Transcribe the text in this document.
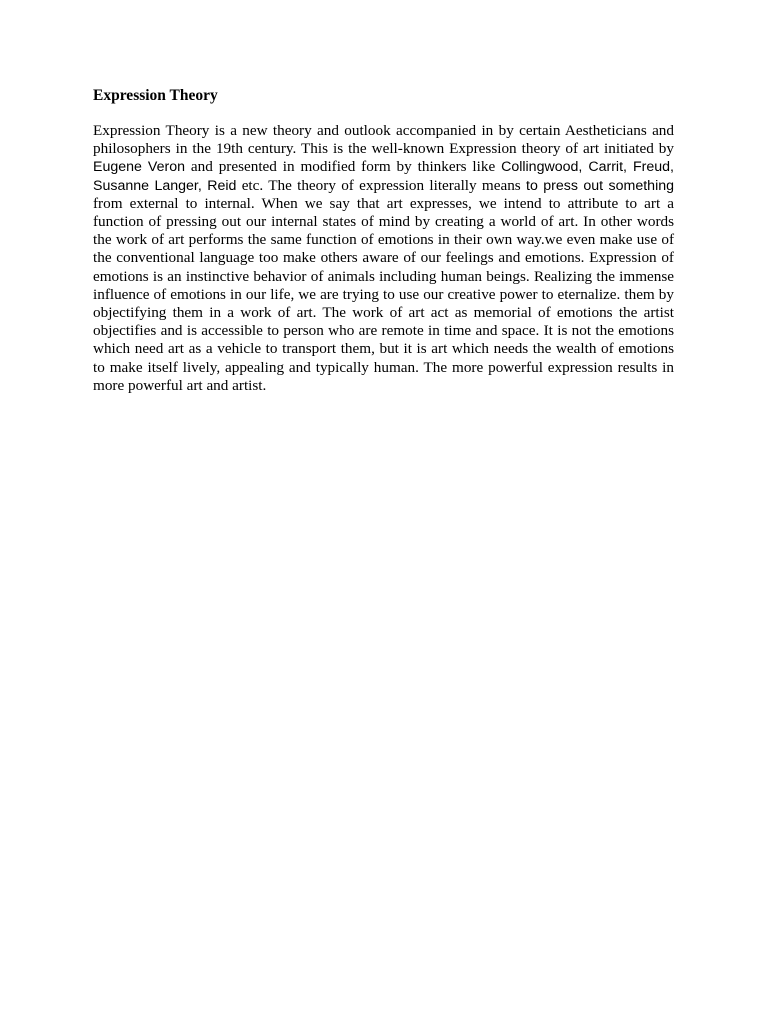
Expression Theory

Expression Theory is a new theory and outlook accompanied in by certain Aestheticians and philosophers in the 19th century. This is the well-known Expression theory of art initiated by Eugene Veron and presented in modified form by thinkers like Collingwood, Carrit, Freud, Susanne Langer, Reid etc. The theory of expression literally means to press out something from external to internal. When we say that art expresses, we intend to attribute to art a function of pressing out our internal states of mind by creating a world of art. In other words the work of art performs the same function of emotions in their own way.we even make use of the conventional language too make others aware of our feelings and emotions. Expression of emotions is an instinctive behavior of animals including human beings. Realizing the immense influence of emotions in our life, we are trying to use our creative power to eternalize. them by objectifying them in a work of art. The work of art act as memorial of emotions the artist objectifies and is accessible to person who are remote in time and space. It is not the emotions which need art as a vehicle to transport them, but it is art which needs the wealth of emotions to make itself lively, appealing and typically human. The more powerful expression results in more powerful art and artist.
